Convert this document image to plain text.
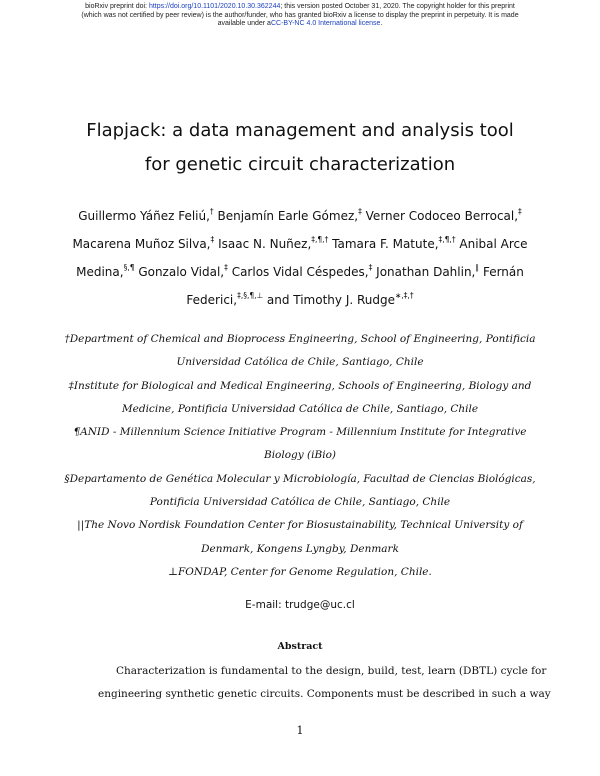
bioRxiv preprint doi: https://doi.org/10.1101/2020.10.30.362244; this version posted October 31, 2020. The copyright holder for this preprint
(which was not certified by peer review) is the author/funder, who has granted bioRxiv a license to display the preprint in perpetuity. It is made
available under aCC-BY-NC 4.0 International license.
Flapjack: a data management and analysis tool
for genetic circuit characterization
Guillermo Yáñez Feliú,† Benjamín Earle Gómez,‡ Verner Codoceo Berrocal,‡ Macarena Muñoz Silva,‡ Isaac N. Nuñez,‡,¶,† Tamara F. Matute,‡,¶,† Anibal Arce Medina,§,¶ Gonzalo Vidal,‡ Carlos Vidal Céspedes,‡ Jonathan Dahlin,∥ Fernán Federici,‡,§,¶,⊥ and Timothy J. Rudge∗,‡,†
†Department of Chemical and Bioprocess Engineering, School of Engineering, Pontificia
Universidad Católica de Chile, Santiago, Chile
‡Institute for Biological and Medical Engineering, Schools of Engineering, Biology and
Medicine, Pontificia Universidad Católica de Chile, Santiago, Chile
¶ANID - Millennium Science Initiative Program - Millennium Institute for Integrative
Biology (iBio)
§Departamento de Genética Molecular y Microbiología, Facultad de Ciencias Biológicas,
Pontificia Universidad Católica de Chile, Santiago, Chile
||The Novo Nordisk Foundation Center for Biosustainability, Technical University of
Denmark, Kongens Lyngby, Denmark
⊥FONDAP, Center for Genome Regulation, Chile.
E-mail: trudge@uc.cl
Abstract
Characterization is fundamental to the design, build, test, learn (DBTL) cycle for
engineering synthetic genetic circuits. Components must be described in such a way
1
